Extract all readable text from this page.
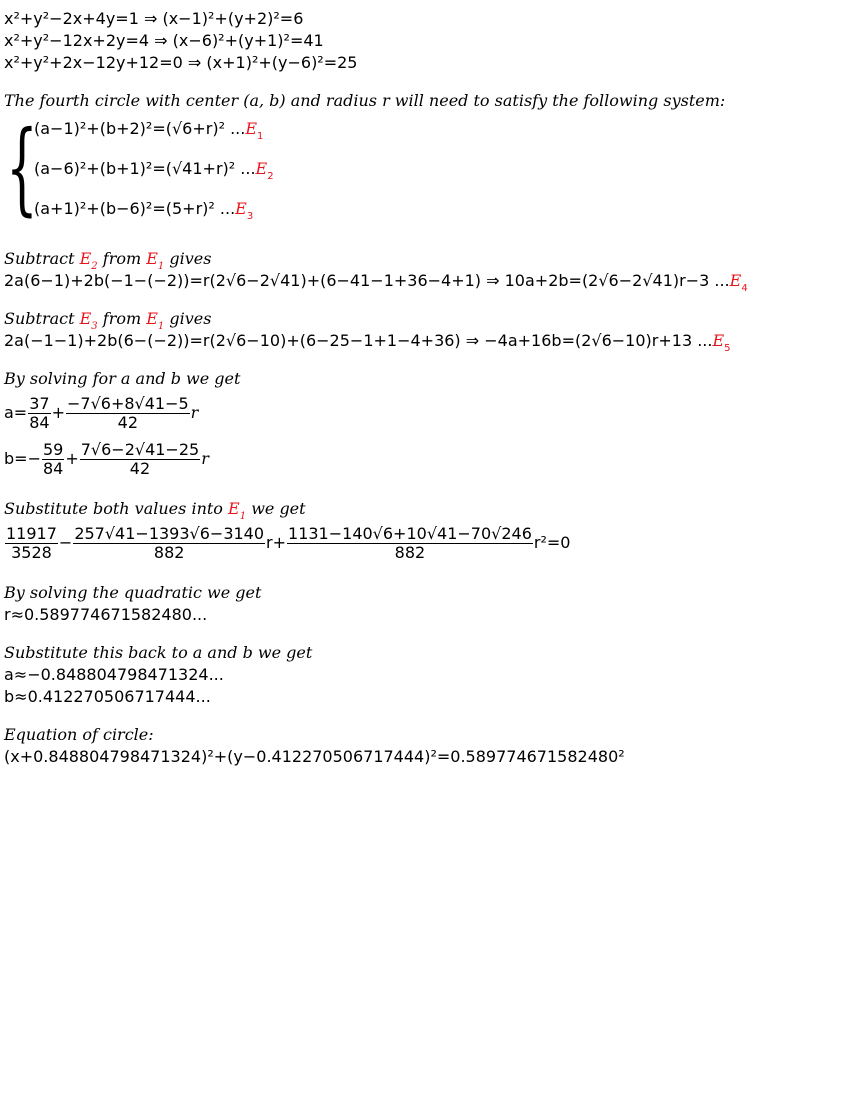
x²+y²−2x+4y=1 ⇒ (x−1)²+(y+2)²=6
x²+y²−12x+2y=4 ⇒ (x−6)²+(y+1)²=41
x²+y²+2x−12y+12=0 ⇒ (x+1)²+(y−6)²=25
The fourth circle with center (a, b) and radius r will need to satisfy the following system:
{
(a−1)²+(b+2)²=(√6+r)² $...E_1$
(a−6)²+(b+1)²=(√41+r)² $...E_2$
(a+1)²+(b−6)²=(5+r)² $...E_3$
Subtract $E_2$ from $E_1$ gives
2a(6−1)+2b(−1−(−2))=r(2√6−2√41)+(6−41−1+36−4+1) ⇒ 10a+2b=(2√6−2√41)r−3 $...E_4$
Subtract $E_3$ from $E_1$ gives
2a(−1−1)+2b(6−(−2))=r(2√6−10)+(6−25−1+1−4+36) ⇒ −4a+16b=(2√6−10)r+13 $...E_5$
By solving for a and b we get
$a= \frac{37}{84} + \frac{-7√6+8√41-5}{42}$ r
$b=- \frac{59}{84} + \frac{7√6-2√41-25}{42}$ r
Substitute both values into $E_1$ we get
$\frac{11917}{3528} - \frac{257√41-1393√6-3140}{882} r+ \frac{1131-140√6+10√41-70√246}{882} r^2=0$
By solving the quadratic we get
r≈0.589774671582480...
Substitute this back to a and b we get
a≈−0.848804798471324...
b≈0.412270506717444...
Equation of circle:
(x+0.848804798471324)²+(y−0.412270506717444)²=0.589774671582480²
